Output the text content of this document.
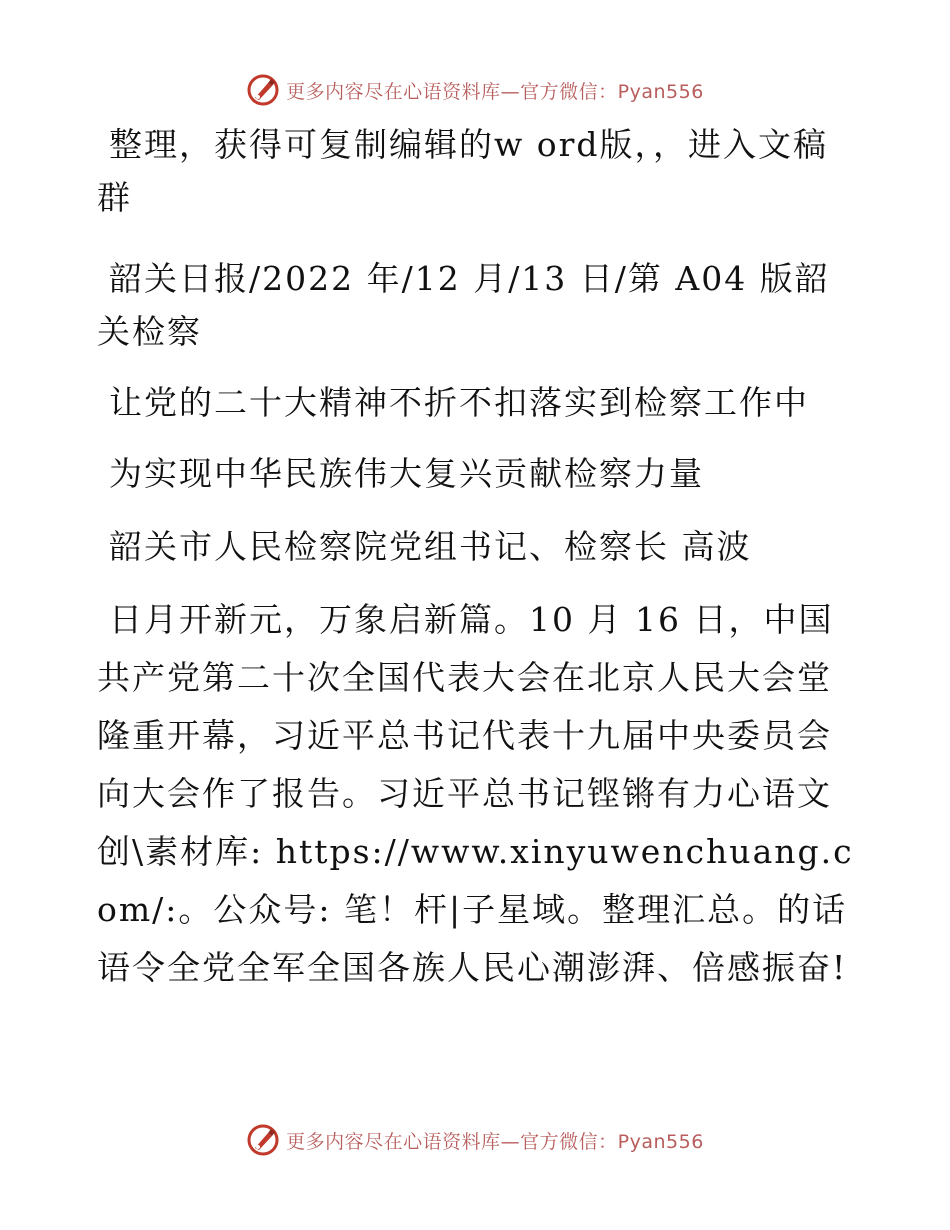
更多内容尽在心语资料库—官方微信：Pyan556

整理，获得可复制编辑的w ord版，，进入文稿群

韶关日报/2022 年/12 月/13 日/第 A04 版韶关检察

让党的二十大精神不折不扣落实到检察工作中

为实现中华民族伟大复兴贡献检察力量

韶关市人民检察院党组书记、检察长 高波

日月开新元，万象启新篇。10 月 16 日，中国共产党第二十次全国代表大会在北京人民大会堂隆重开幕，习近平总书记代表十九届中央委员会向大会作了报告。习近平总书记铿锵有力心语文创\素材库: https://www.xinyuwenchuang.com/:。公众号: 笔！杆|子星域。整理汇总。的话语令全党全军全国各族人民心潮澎湃、倍感振奋!

更多内容尽在心语资料库—官方微信：Pyan556
